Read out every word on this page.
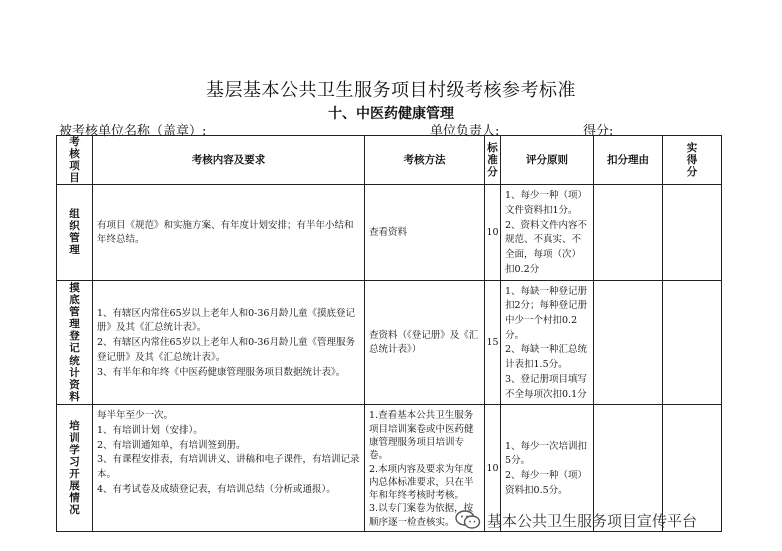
基层基本公共卫生服务项目村级考核参考标准
十、中医药健康管理
被考核单位名称（盖章）:	单位负责人:	得分:
考核项目	考核内容及要求	考核方法	标准分	评分原则	扣分理由	实得分
组织管理	有项目《规范》和实施方案、有年度计划安排；有半年小结和年终总结。	查看资料	10	1、每少一种（项）文件资料扣1分。
2、资料文件内容不规范、不真实、不全面，每项（次）扣0.2分		

摸底管理登记统计资料	1、有辖区内常住65岁以上老年人和0-36月龄儿童《摸底登记册》及其《汇总统计表》。
2、有辖区内常住65岁以上老年人和0-36月龄儿童《管理服务登记册》及其《汇总统计表》。
3、有半年和年终《中医药健康管理服务项目数据统计表》。	查资料（《登记册》及《汇总统计表》）	15	1、每缺一种登记册扣2分；每种登记册中少一个村扣0.2分。
2、每缺一种汇总统计表扣1.5分。
3、登记册项目填写不全每项次扣0.1分		

培训学习开展情况	每半年至少一次。
1、有培训计划（安排）。
2、有培训通知单，有培训签到册。
3、有课程安排表，有培训讲义、讲稿和电子课件，有培训记录本。
4、有考试卷及成绩登记表，有培训总结（分析或通报）。	1.查看基本公共卫生服务项目培训案卷或中医药健康管理服务项目培训专卷。
2.本项内容及要求为年度内总体标准要求，只在半年和年终考核时考核。
3.以专门案卷为依据，按顺序逐一检查核实。	10	1、每少一次培训扣5分。
2、每少一种（项）资料扣0.5分。		

基本公共卫生服务项目宣传平台
